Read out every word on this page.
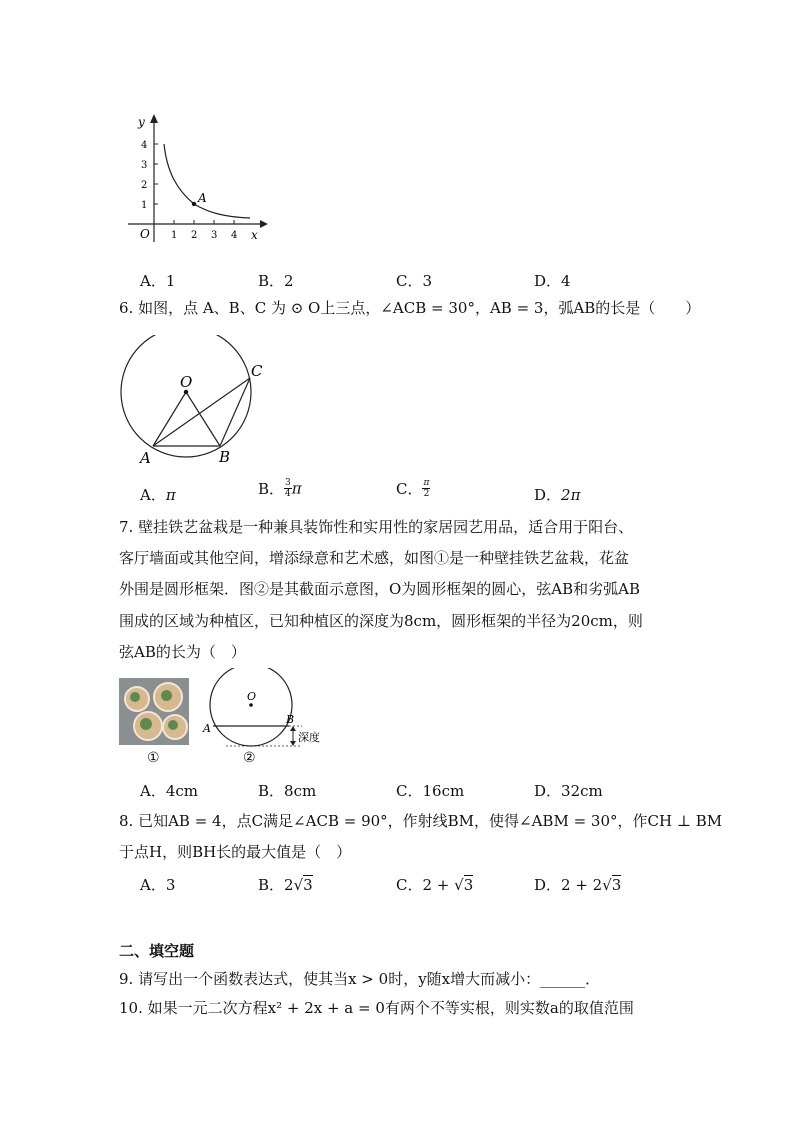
A
y
x
O 1 2 3 4
1
2
3
4
A．1	B．2	C．3	D．4
6. 如图，点 A、B、C 为 ⊙ O上三点，∠ACB = 30°，AB = 3，弧AB的长是（　　）
O
A	B
C
A．π	B． $\frac{3}{4}$ π	C． $\frac{\pi}{2}$	D．2π
7. 壁挂铁艺盆栽是一种兼具装饰性和实用性的家居园艺用品，适合用于阳台、
客厅墙面或其他空间，增添绿意和艺术感，如图①是一种壁挂铁艺盆栽，花盆
外围是圆形框架．图②是其截面示意图，O为圆形框架的圆心，弦AB和劣弧AB
围成的区域为种植区，已知种植区的深度为8cm，圆形框架的半径为20cm，则
弦AB的长为（　）
①
O
A
B
深度
②
A．4cm	B．8cm	C．16cm	D．32cm
8. 已知AB = 4，点C满足∠ACB = 90°，作射线BM，使得∠ABM = 30°，作CH ⊥ BM
于点H，则BH长的最大值是（　）
A．3	B．2√3	C．2 + √3	D．2 + 2√3
二、填空题
9. 请写出一个函数表达式，使其当x > 0时，y随x增大而减小：______．
10. 如果一元二次方程x² + 2x + a = 0有两个不等实根，则实数a的取值范围
